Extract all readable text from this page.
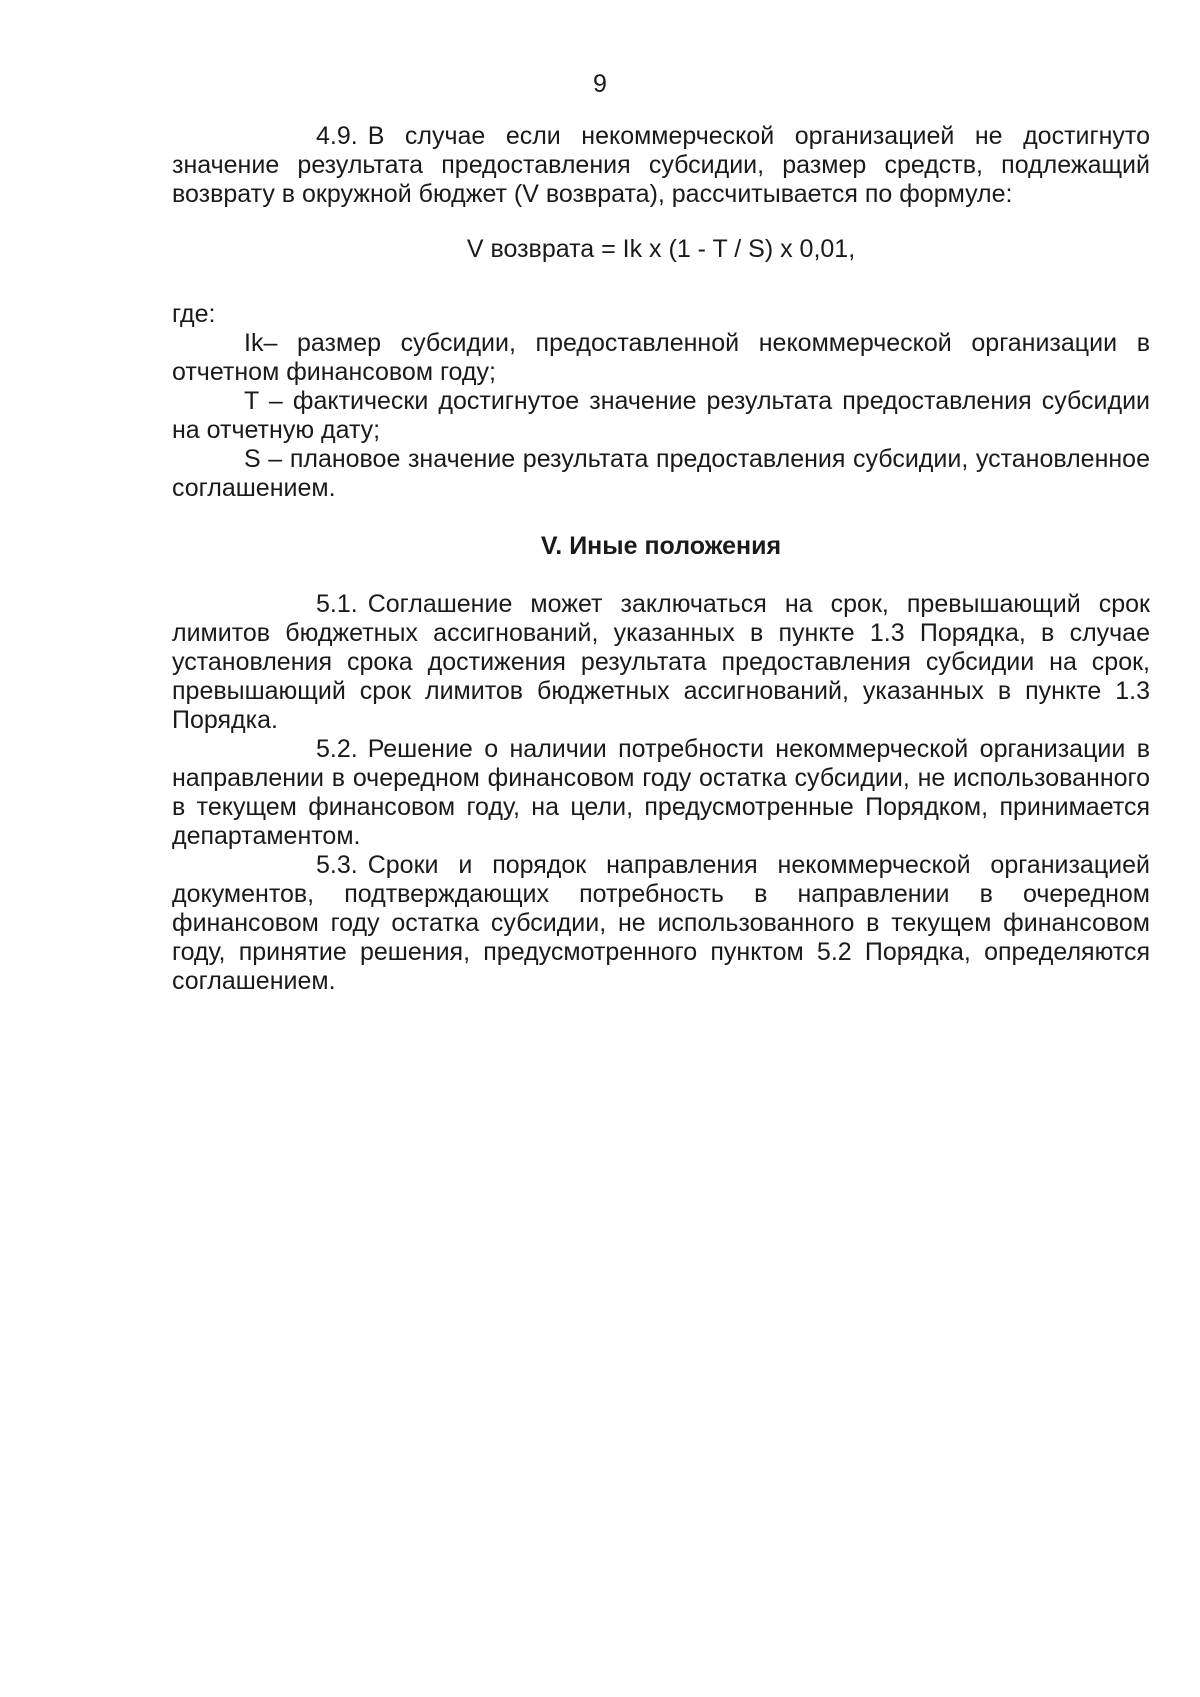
9

4.9. В случае если некоммерческой организацией не достигнуто значение результата предоставления субсидии, размер средств, подлежащий возврату в окружной бюджет (V возврата), рассчитывается по формуле:

V возврата = Ik x (1 - T / S) x 0,01,

где:

Ik– размер субсидии, предоставленной некоммерческой организации в отчетном финансовом году;

T – фактически достигнутое значение результата предоставления субсидии на отчетную дату;

S – плановое значение результата предоставления субсидии, установленное соглашением.

V. Иные положения

5.1. Соглашение может заключаться на срок, превышающий срок лимитов бюджетных ассигнований, указанных в пункте 1.3 Порядка, в случае установления срока достижения результата предоставления субсидии на срок, превышающий срок лимитов бюджетных ассигнований, указанных в пункте 1.3 Порядка.

5.2. Решение о наличии потребности некоммерческой организации в направлении в очередном финансовом году остатка субсидии, не использованного в текущем финансовом году, на цели, предусмотренные Порядком, принимается департаментом.

5.3. Сроки и порядок направления некоммерческой организацией документов, подтверждающих потребность в направлении в очередном финансовом году остатка субсидии, не использованного в текущем финансовом году, принятие решения, предусмотренного пунктом 5.2 Порядка, определяются соглашением.
